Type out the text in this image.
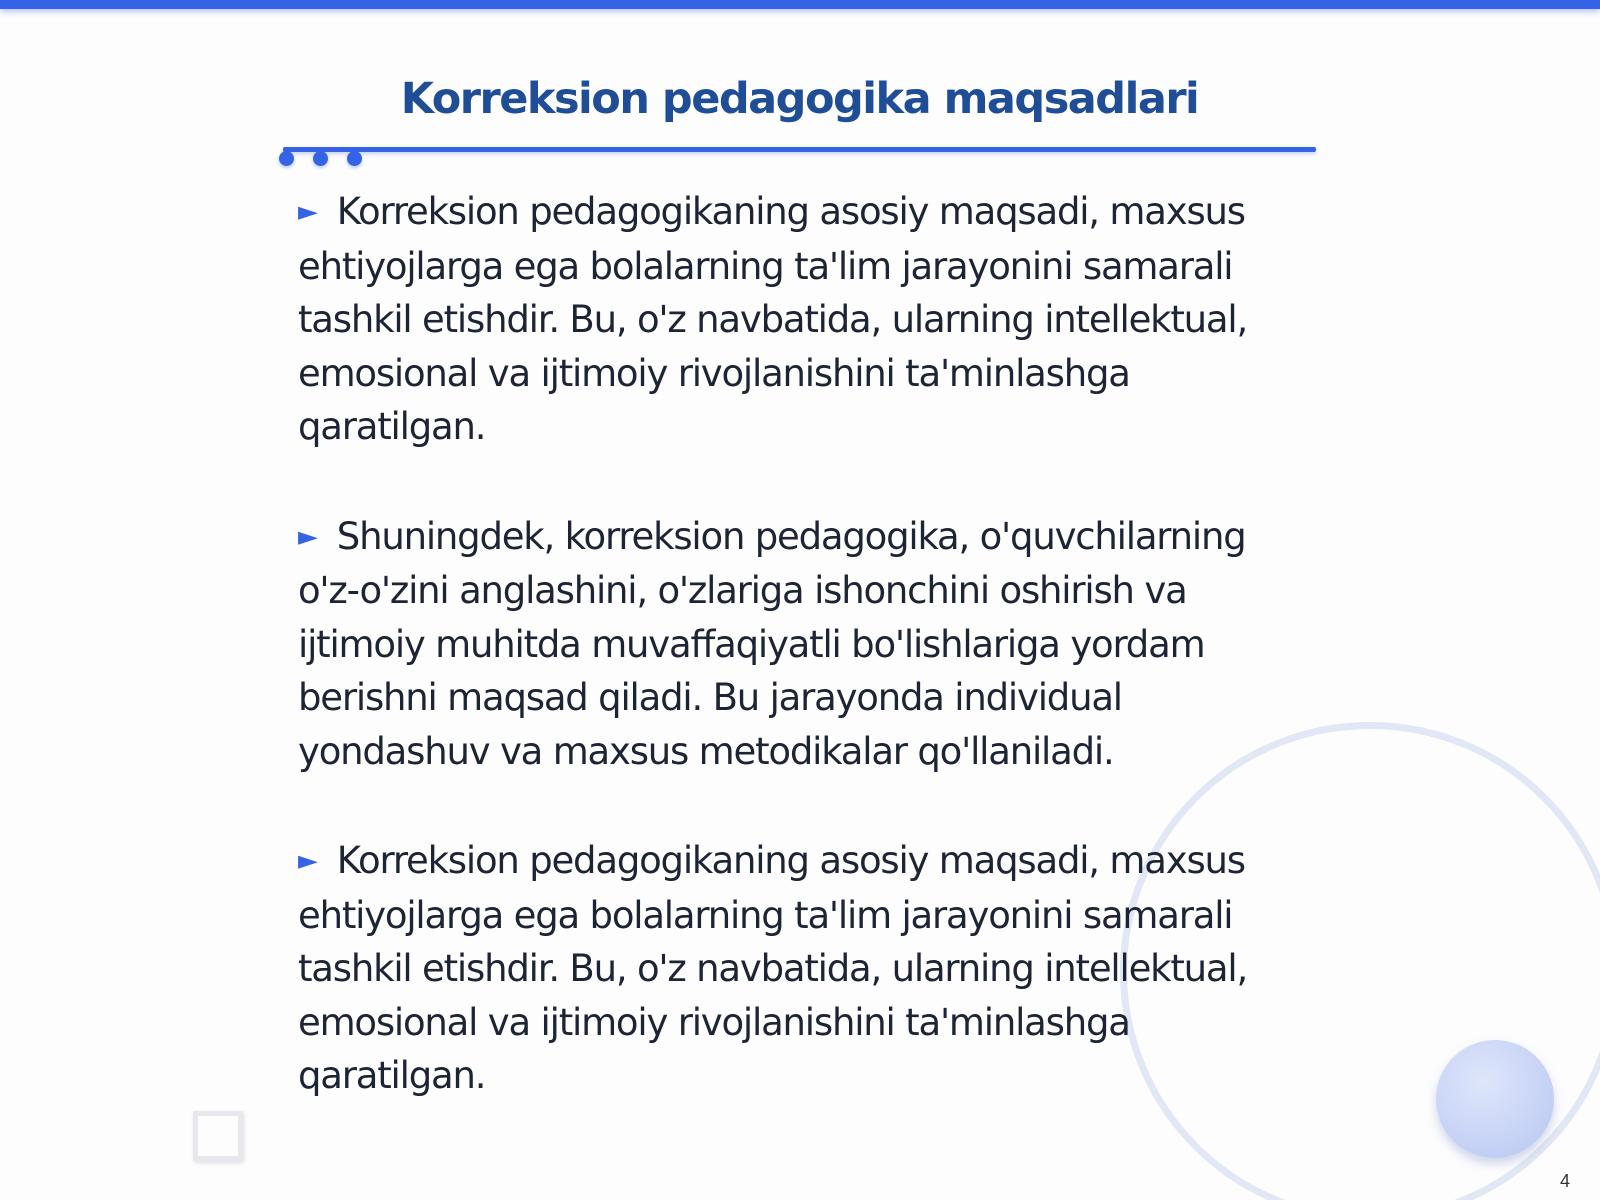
Korreksion pedagogika maqsadlari

► Korreksion pedagogikaning asosiy maqsadi, maxsus ehtiyojlarga ega bolalarning ta'lim jarayonini samarali tashkil etishdir. Bu, o'z navbatida, ularning intellektual, emosional va ijtimoiy rivojlanishini ta'minlashga qaratilgan.

► Shuningdek, korreksion pedagogika, o'quvchilarning o'z-o'zini anglashini, o'zlariga ishonchini oshirish va ijtimoiy muhitda muvaffaqiyatli bo'lishlariga yordam berishni maqsad qiladi. Bu jarayonda individual yondashuv va maxsus metodikalar qo'llaniladi.

► Korreksion pedagogikaning asosiy maqsadi, maxsus ehtiyojlarga ega bolalarning ta'lim jarayonini samarali tashkil etishdir. Bu, o'z navbatida, ularning intellektual, emosional va ijtimoiy rivojlanishini ta'minlashga qaratilgan.

4
